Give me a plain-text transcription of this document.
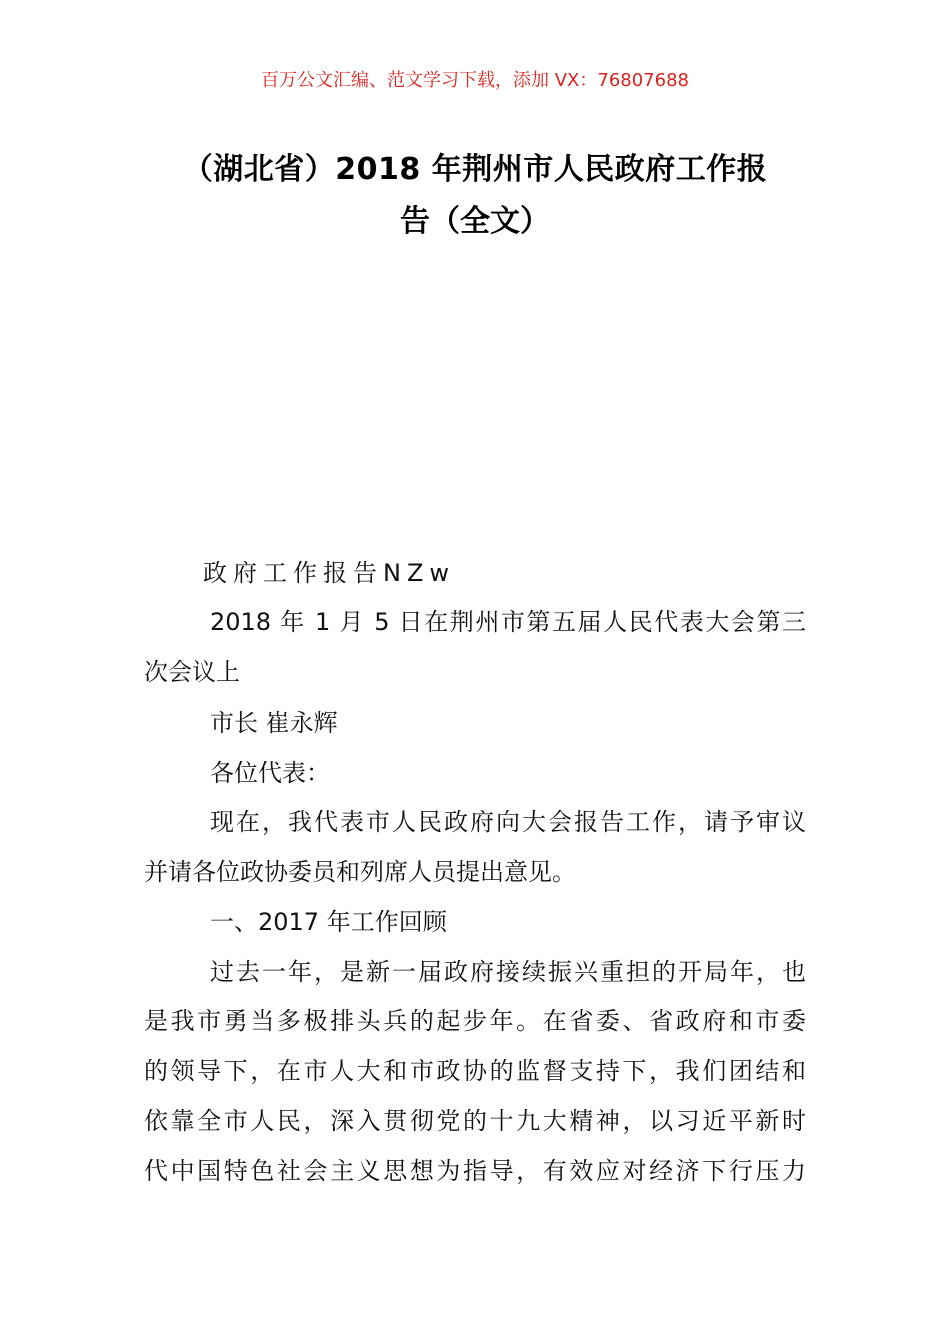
百万公文汇编、范文学习下载，添加 VX：76807688
（湖北省）2018 年荆州市人民政府工作报
告（全文）
政府工作报告NZw
2018 年 1 月 5 日在荆州市第五届人民代表大会第三
次会议上
市长 崔永辉
各位代表：
现在，我代表市人民政府向大会报告工作，请予审议
并请各位政协委员和列席人员提出意见。
一、2017 年工作回顾
过去一年，是新一届政府接续振兴重担的开局年，也
是我市勇当多极排头兵的起步年。在省委、省政府和市委
的领导下，在市人大和市政协的监督支持下，我们团结和
依靠全市人民，深入贯彻党的十九大精神，以习近平新时
代中国特色社会主义思想为指导，有效应对经济下行压力
